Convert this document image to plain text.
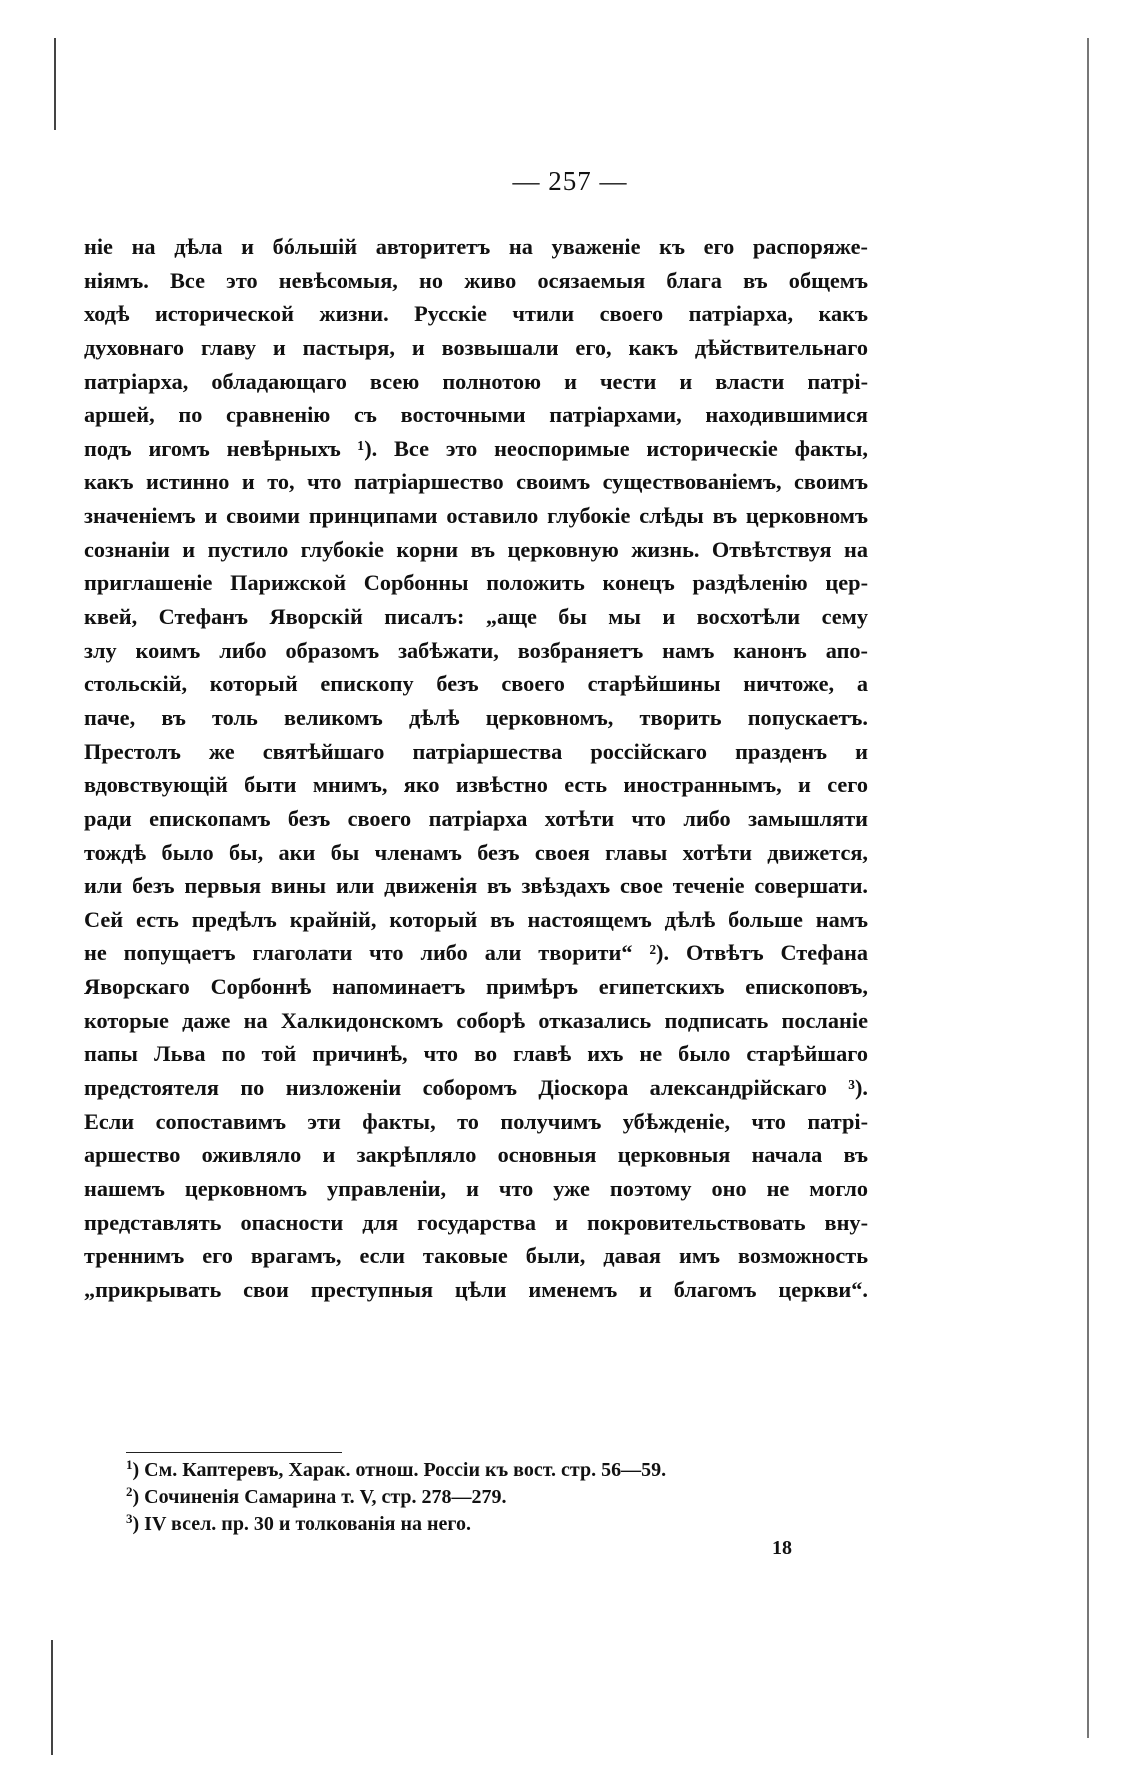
— 257 —
ніе на дѣла и бóльшій авторитетъ на уваженіе къ его распоряже-
ніямъ. Все это невѣсомыя, но живо осязаемыя блага въ общемъ
ходѣ исторической жизни. Русскіе чтили своего патріарха, какъ
духовнаго главу и пастыря, и возвышали его, какъ дѣйствительнаго
патріарха, обладающаго всею полнотою и чести и власти патрі-
аршей, по сравненію съ восточными патріархами, находившимися
подъ игомъ невѣрныхъ ¹). Все это неоспоримые историческіе факты,
какъ истинно и то, что патріаршество своимъ существованіемъ, своимъ
значеніемъ и своими принципами оставило глубокіе слѣды въ церковномъ
сознаніи и пустило глубокіе корни въ церковную жизнь. Отвѣтствуя на
приглашеніе Парижской Сорбонны положить конецъ раздѣленію цер-
квей, Стефанъ Яворскій писалъ: „аще бы мы и восхотѣли сему
злу коимъ либо образомъ забѣжати, возбраняетъ намъ канонъ апо-
стольскій, который епископу безъ своего старѣйшины ничтоже, а
паче, въ толь великомъ дѣлѣ церковномъ, творить попускаетъ.
Престолъ же святѣйшаго патріаршества россійскаго празденъ и
вдовствующій быти мнимъ, яко извѣстно есть иностраннымъ, и сего
ради епископамъ безъ своего патріарха хотѣти что либо замышляти
тождѣ было бы, аки бы членамъ безъ своея главы хотѣти движется,
или безъ первыя вины или движенія въ звѣздахъ свое теченіе совершати.
Сей есть предѣлъ крайній, который въ настоящемъ дѣлѣ больше намъ
не попущаетъ глаголати что либо али творити“ ²). Отвѣтъ Стефана
Яворскаго Сорбоннѣ напоминаетъ примѣръ египетскихъ епископовъ,
которые даже на Халкидонскомъ соборѣ отказались подписать посланіе
папы Льва по той причинѣ, что во главѣ ихъ не было старѣйшаго
предстоятеля по низложеніи соборомъ Діоскора александрійскаго ³).
Если сопоставимъ эти факты, то получимъ убѣжденіе, что патрі-
аршество оживляло и закрѣпляло основныя церковныя начала въ
нашемъ церковномъ управленіи, и что уже поэтому оно не могло
представлять опасности для государства и покровительствовать вну-
треннимъ его врагамъ, если таковые были, давая имъ возможность
„прикрывать свои преступныя цѣли именемъ и благомъ церкви“.
$^1$) См. Каптеревъ, Харак. отнош. Россіи къ вост. стр. 56—59.
$^2$) Сочиненія Самарина т. V, стр. 278—279.
$^3$) IV всел. пр. 30 и толкованія на него.
18
